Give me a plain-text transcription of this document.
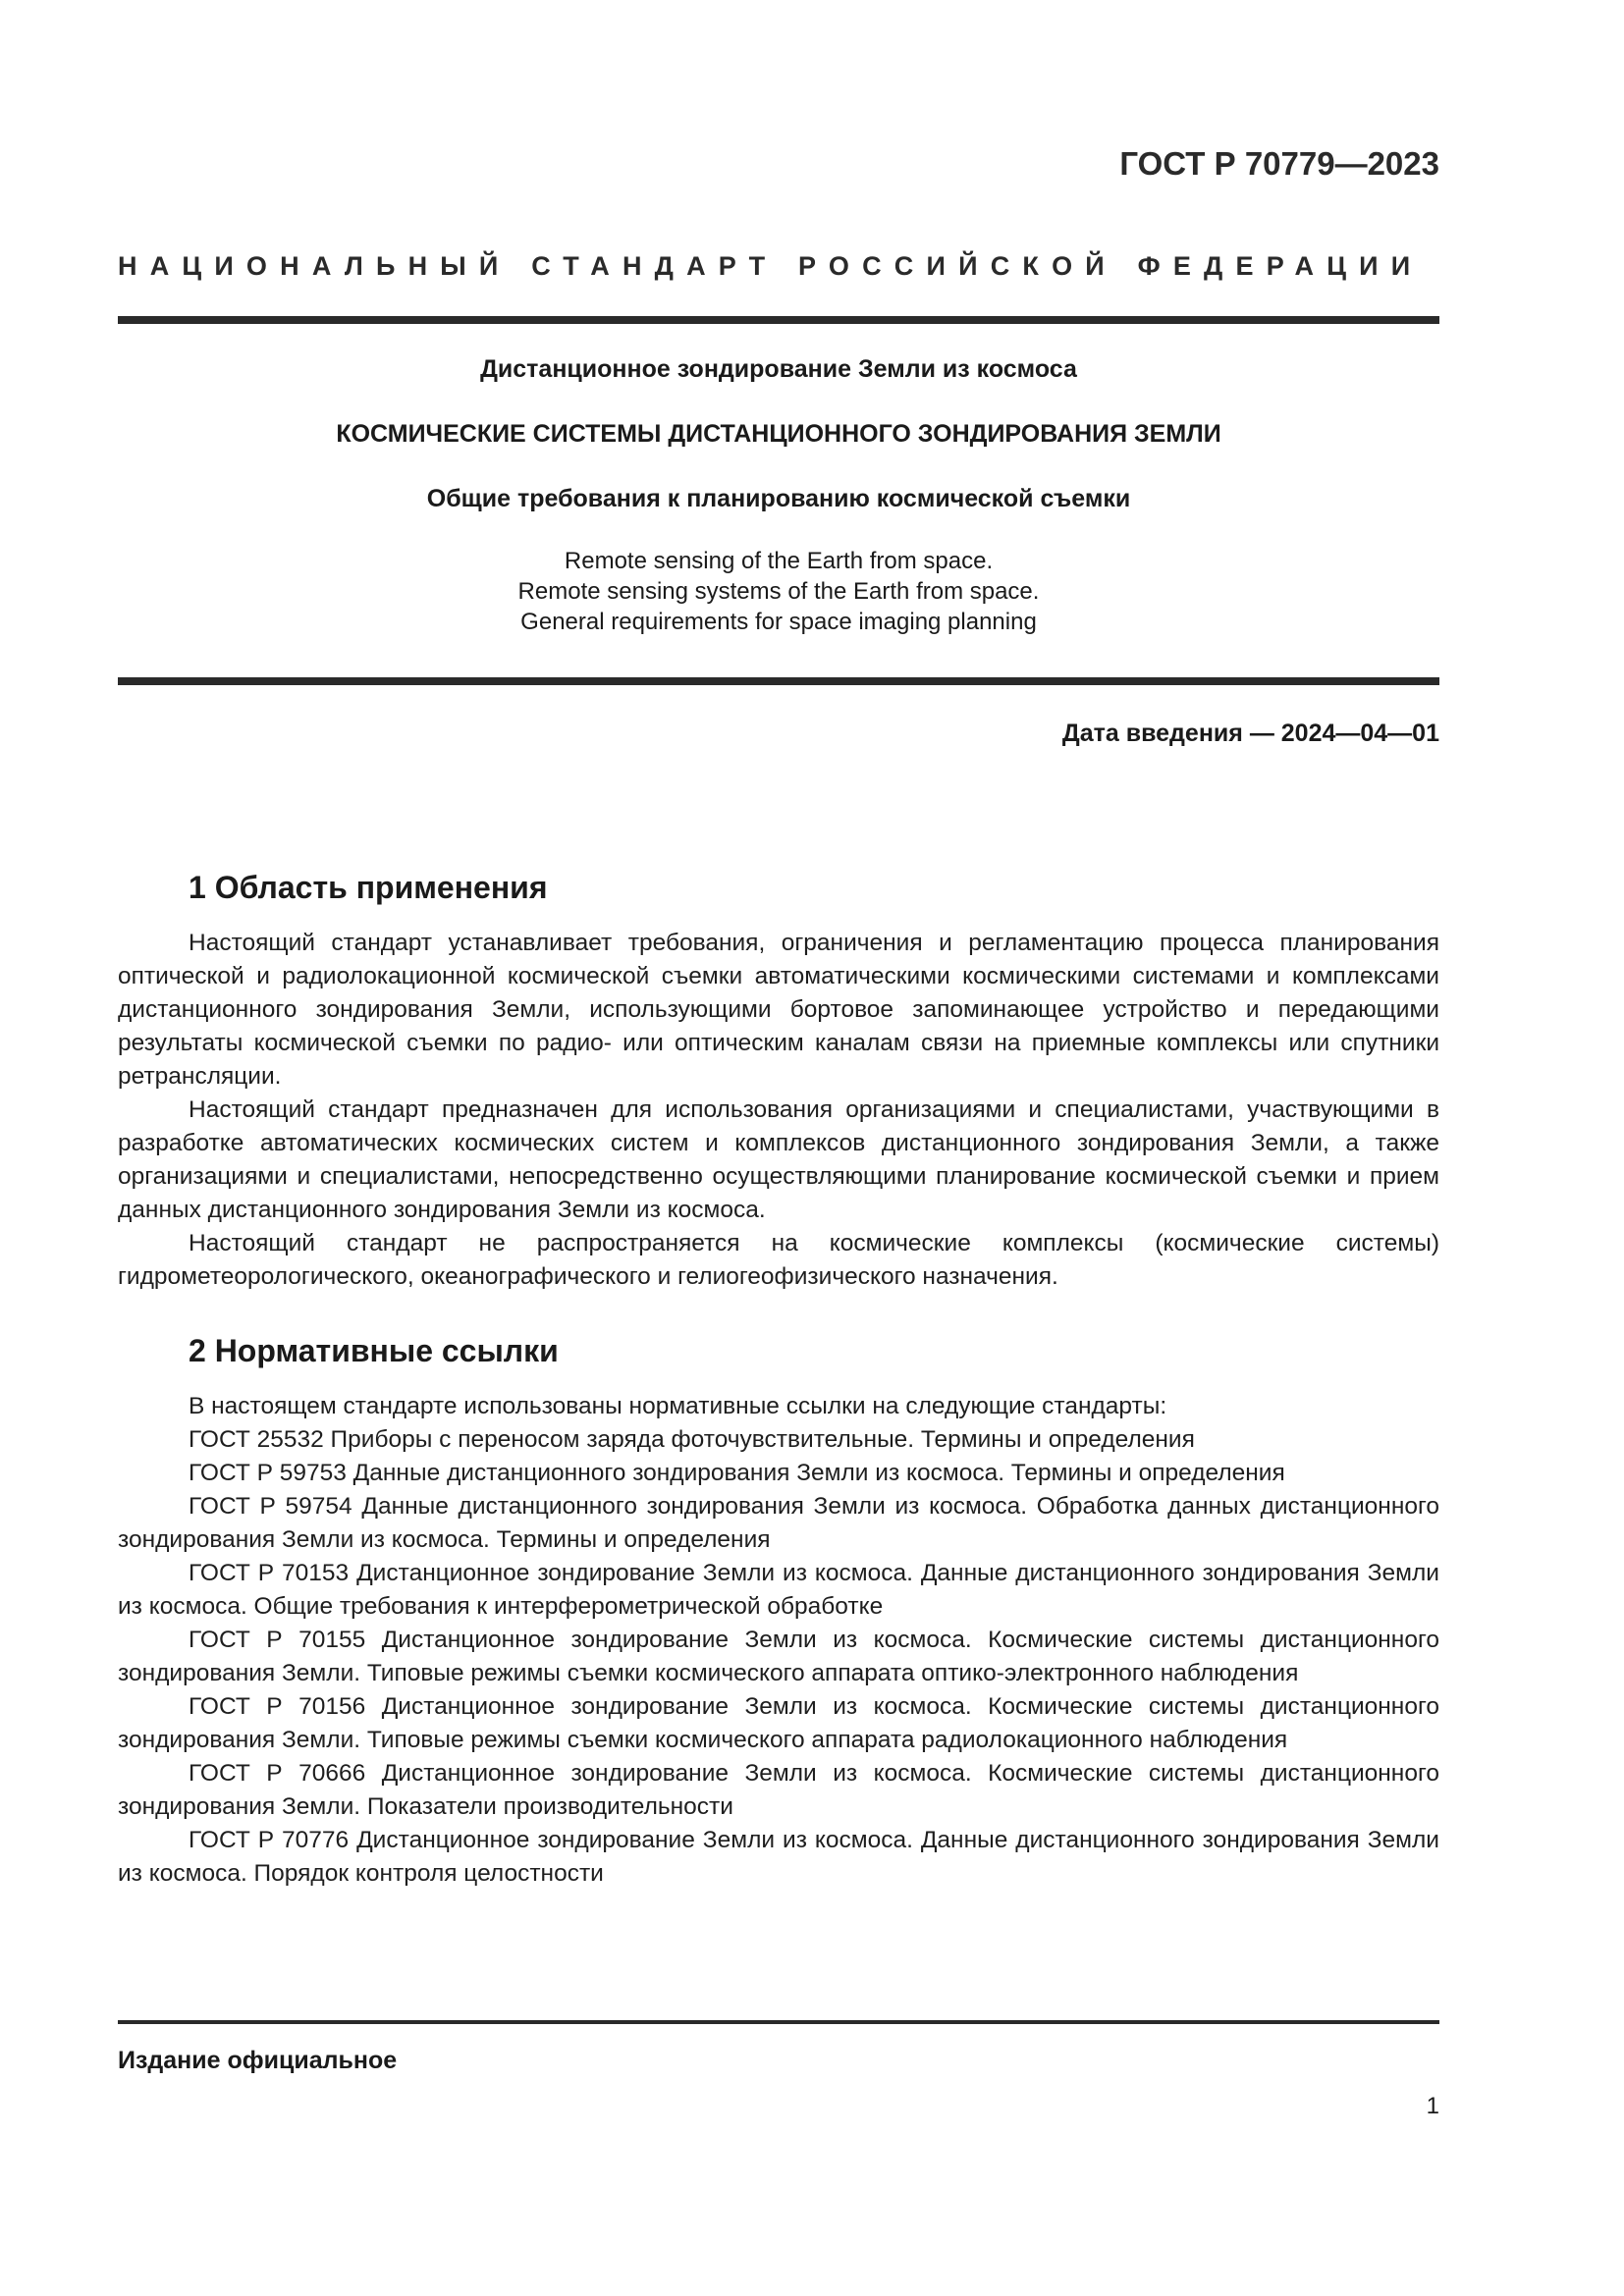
ГОСТ Р 70779—2023
НАЦИОНАЛЬНЫЙ СТАНДАРТ РОССИЙСКОЙ ФЕДЕРАЦИИ
Дистанционное зондирование Земли из космоса
КОСМИЧЕСКИЕ СИСТЕМЫ ДИСТАНЦИОННОГО ЗОНДИРОВАНИЯ ЗЕМЛИ
Общие требования к планированию космической съемки
Remote sensing of the Earth from space.
Remote sensing systems of the Earth from space.
General requirements for space imaging planning
Дата введения — 2024—04—01
1 Область применения

Настоящий стандарт устанавливает требования, ограничения и регламентацию процесса планирования оптической и радиолокационной космической съемки автоматическими космическими системами и комплексами дистанционного зондирования Земли, использующими бортовое запоминающее устройство и передающими результаты космической съемки по радио- или оптическим каналам связи на приемные комплексы или спутники ретрансляции.

Настоящий стандарт предназначен для использования организациями и специалистами, участвующими в разработке автоматических космических систем и комплексов дистанционного зондирования Земли, а также организациями и специалистами, непосредственно осуществляющими планирование космической съемки и прием данных дистанционного зондирования Земли из космоса.

Настоящий стандарт не распространяется на космические комплексы (космические системы) гидрометеорологического, океанографического и гелиогеофизического назначения.

2 Нормативные ссылки

В настоящем стандарте использованы нормативные ссылки на следующие стандарты:

ГОСТ 25532 Приборы с переносом заряда фоточувствительные. Термины и определения

ГОСТ Р 59753 Данные дистанционного зондирования Земли из космоса. Термины и определения

ГОСТ Р 59754 Данные дистанционного зондирования Земли из космоса. Обработка данных дистанционного зондирования Земли из космоса. Термины и определения

ГОСТ Р 70153 Дистанционное зондирование Земли из космоса. Данные дистанционного зондирования Земли из космоса. Общие требования к интерферометрической обработке

ГОСТ Р 70155 Дистанционное зондирование Земли из космоса. Космические системы дистанционного зондирования Земли. Типовые режимы съемки космического аппарата оптико-электронного наблюдения

ГОСТ Р 70156 Дистанционное зондирование Земли из космоса. Космические системы дистанционного зондирования Земли. Типовые режимы съемки космического аппарата радиолокационного наблюдения

ГОСТ Р 70666 Дистанционное зондирование Земли из космоса. Космические системы дистанционного зондирования Земли. Показатели производительности

ГОСТ Р 70776 Дистанционное зондирование Земли из космоса. Данные дистанционного зондирования Земли из космоса. Порядок контроля целостности

Издание официальное
1
